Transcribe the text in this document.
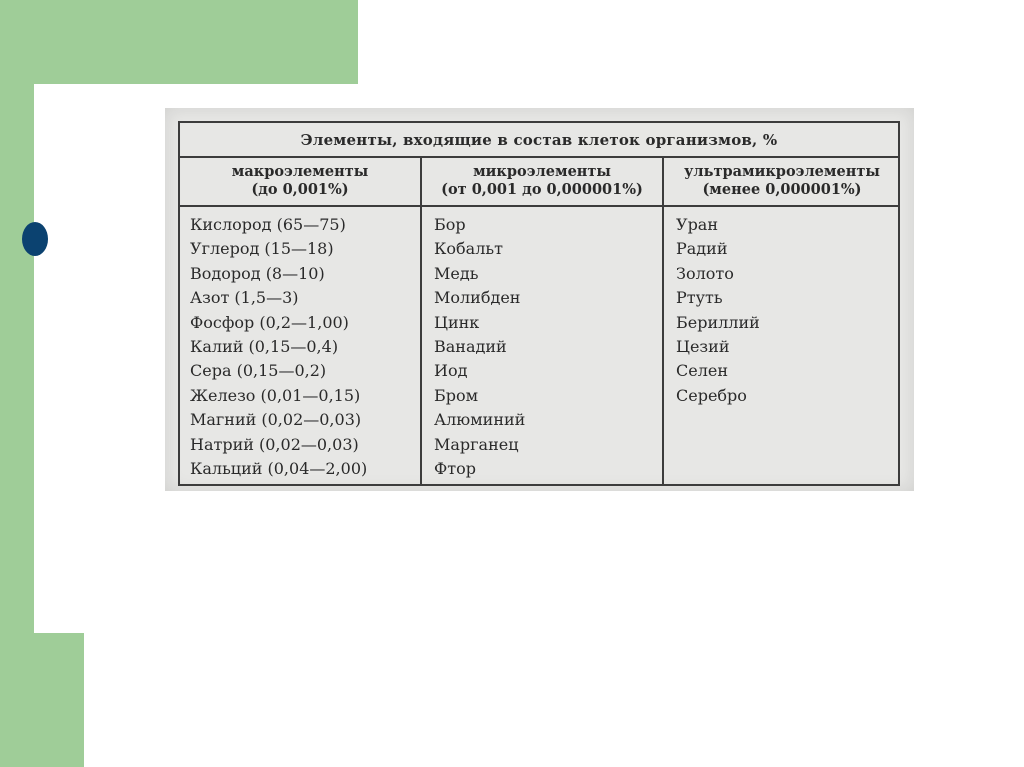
Элементы, входящие в состав клеток организмов, %
макроэлементы
(до 0,001%)
микроэлементы
(от 0,001 до 0,000001%)
ультрамикроэлементы
(менее 0,000001%)
Кислород (65—75)
Углерод (15—18)
Водород (8—10)
Азот (1,5—3)
Фосфор (0,2—1,00)
Калий (0,15—0,4)
Сера (0,15—0,2)
Железо (0,01—0,15)
Магний (0,02—0,03)
Натрий (0,02—0,03)
Кальций (0,04—2,00)
Бор
Кобальт
Медь
Молибден
Цинк
Ванадий
Иод
Бром
Алюминий
Марганец
Фтор
Уран
Радий
Золото
Ртуть
Бериллий
Цезий
Селен
Серебро
